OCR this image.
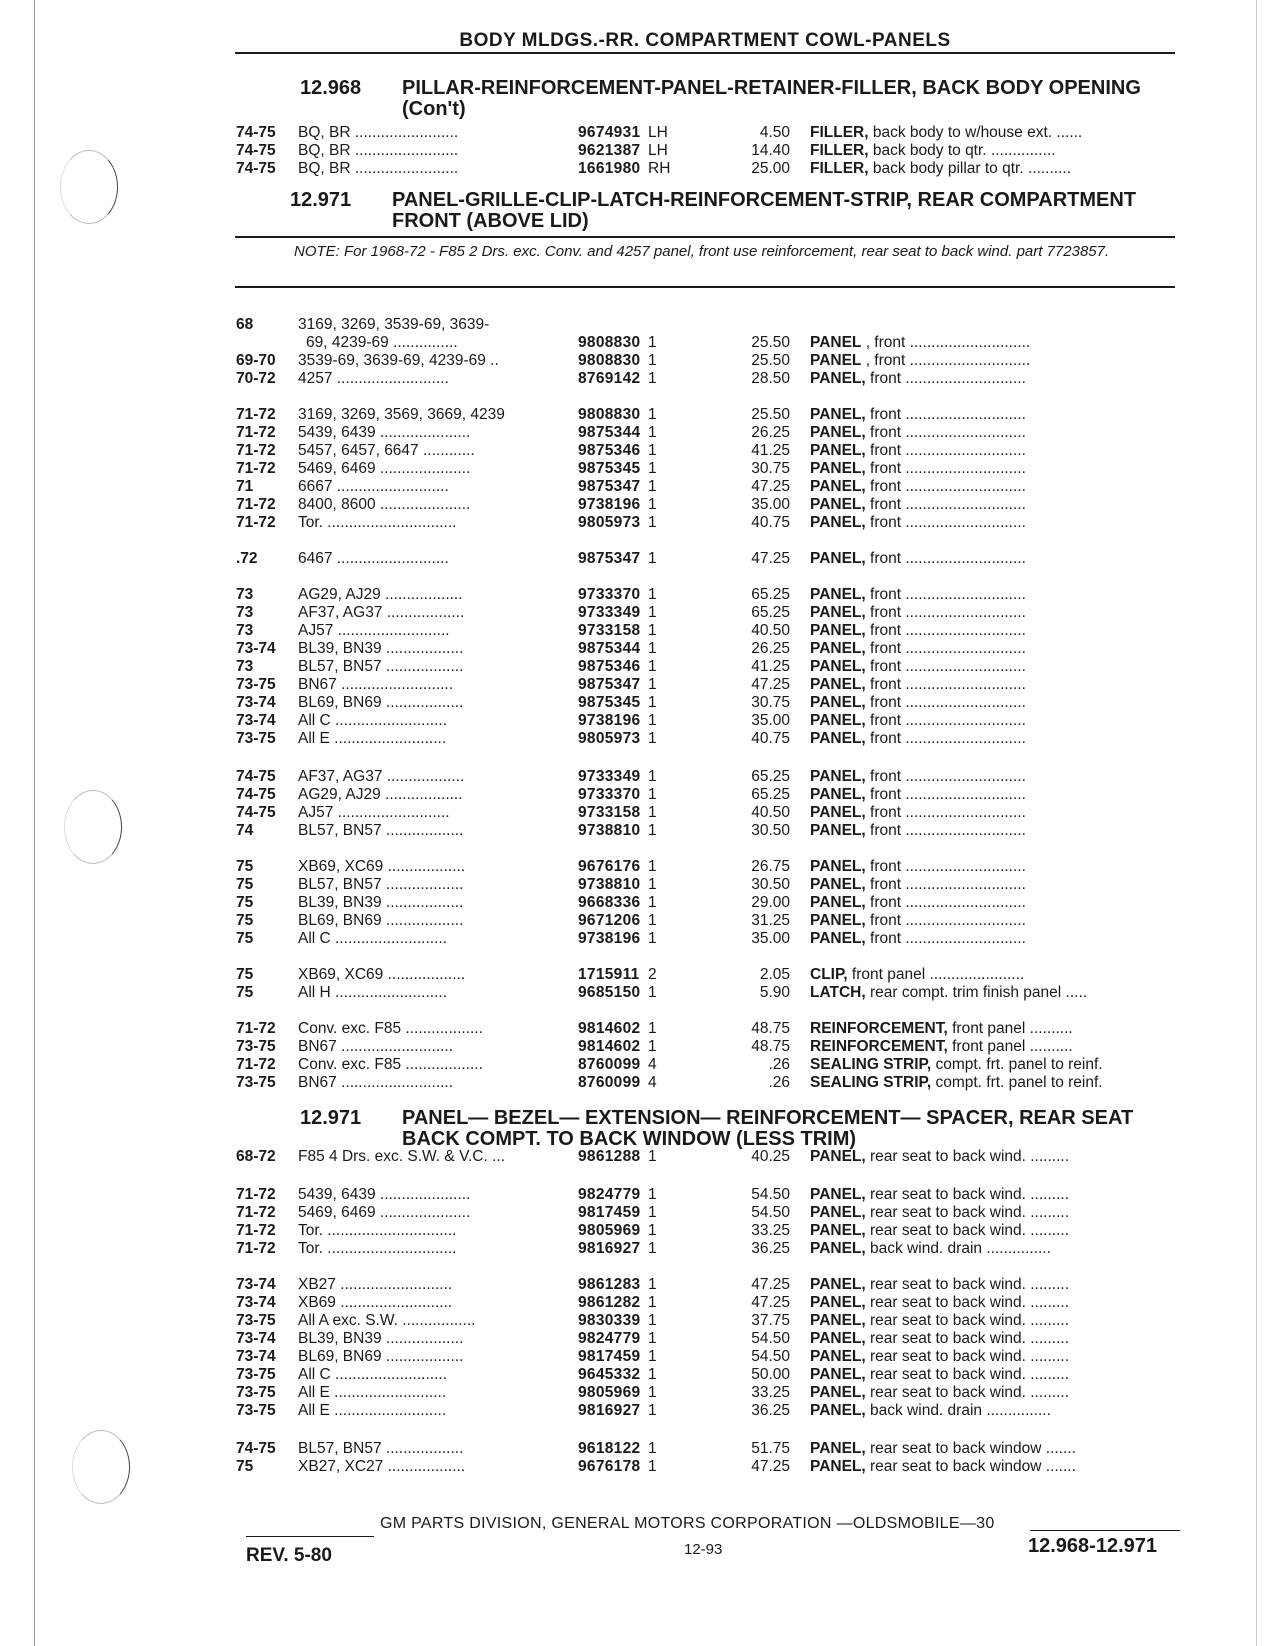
BODY MLDGS.-RR. COMPARTMENT COWL-PANELS
12.968 PILLAR-REINFORCEMENT-PANEL-RETAINER-FILLER, BACK BODY OPENING (Con't)
12.971 PANEL-GRILLE-CLIP-LATCH-REINFORCEMENT-STRIP, REAR COMPARTMENT FRONT (ABOVE LID)
NOTE: For 1968-72 - F85 2 Drs. exc. Conv. and 4257 panel, front use reinforcement, rear seat to back wind. part 7723857.
12.971 PANEL— BEZEL— EXTENSION— REINFORCEMENT— SPACER, REAR SEAT BACK COMPT. TO BACK WINDOW (LESS TRIM)
74-75 BQ, BR ........................	9674931 LH	4.50 FILLER, back body to w/house ext. ......
74-75 BQ, BR ........................	9621387 LH	14.40 FILLER, back body to qtr. ...............
74-75 BQ, BR ........................	1661980 RH	25.00 FILLER, back body pillar to qtr. ..........
68	3169, 3269, 3539-69, 3639-
69, 4239-69 ...............	9808830 1	25.50 PANEL , front ............................
69-70 3539-69, 3639-69, 4239-69 ..	9808830 1	25.50 PANEL , front ............................
70-72 4257 ..........................	8769142 1	28.50 PANEL, front ............................
71-72 3169, 3269, 3569, 3669, 4239	9808830 1	25.50 PANEL, front ............................
71-72 5439, 6439 .....................	9875344 1	26.25 PANEL, front ............................
71-72 5457, 6457, 6647 ............	9875346 1	41.25 PANEL, front ............................
71-72 5469, 6469 .....................	9875345 1	30.75 PANEL, front ............................
71	6667 ..........................	9875347 1	47.25 PANEL, front ............................
71-72 8400, 8600 .....................	9738196 1	35.00 PANEL, front ............................
71-72 Tor. ..............................	9805973 1	40.75 PANEL, front ............................
.72	6467 ..........................	9875347 1	47.25 PANEL, front ............................
73	AG29, AJ29 ..................	9733370 1	65.25 PANEL, front ............................
73	AF37, AG37 ..................	9733349 1	65.25 PANEL, front ............................
73	AJ57 ..........................	9733158 1	40.50 PANEL, front ............................
73-74 BL39, BN39 ..................	9875344 1	26.25 PANEL, front ............................
73	BL57, BN57 ..................	9875346 1	41.25 PANEL, front ............................
73-75 BN67 ..........................	9875347 1	47.25 PANEL, front ............................
73-74 BL69, BN69 ..................	9875345 1	30.75 PANEL, front ............................
73-74 All C ..........................	9738196 1	35.00 PANEL, front ............................
73-75 All E ..........................	9805973 1	40.75 PANEL, front ............................
74-75 AF37, AG37 ..................	9733349 1	65.25 PANEL, front ............................
74-75 AG29, AJ29 ..................	9733370 1	65.25 PANEL, front ............................
74-75 AJ57 ..........................	9733158 1	40.50 PANEL, front ............................
74	BL57, BN57 ..................	9738810 1	30.50 PANEL, front ............................
75	XB69, XC69 ..................	9676176 1	26.75 PANEL, front ............................
75	BL57, BN57 ..................	9738810 1	30.50 PANEL, front ............................
75	BL39, BN39 ..................	9668336 1	29.00 PANEL, front ............................
75	BL69, BN69 ..................	9671206 1	31.25 PANEL, front ............................
75	All C ..........................	9738196 1	35.00 PANEL, front ............................
75	XB69, XC69 ..................	1715911 2	2.05 CLIP, front panel ......................
75	All H ..........................	9685150 1	5.90 LATCH, rear compt. trim finish panel .....
71-72 Conv. exc. F85 ..................	9814602 1	48.75 REINFORCEMENT, front panel ..........
73-75 BN67 ..........................	9814602 1	48.75 REINFORCEMENT, front panel ..........
71-72 Conv. exc. F85 ..................	8760099 4	.26 SEALING STRIP, compt. frt. panel to reinf.
73-75 BN67 ..........................	8760099 4	.26 SEALING STRIP, compt. frt. panel to reinf.
68-72 F85 4 Drs. exc. S.W. & V.C. ...	9861288 1	40.25 PANEL, rear seat to back wind. .........
71-72 5439, 6439 .....................	9824779 1	54.50 PANEL, rear seat to back wind. .........
71-72 5469, 6469 .....................	9817459 1	54.50 PANEL, rear seat to back wind. .........
71-72 Tor. ..............................	9805969 1	33.25 PANEL, rear seat to back wind. .........
71-72 Tor. ..............................	9816927 1	36.25 PANEL, back wind. drain ...............
73-74 XB27 ..........................	9861283 1	47.25 PANEL, rear seat to back wind. .........
73-74 XB69 ..........................	9861282 1	47.25 PANEL, rear seat to back wind. .........
73-75 All A exc. S.W. .................	9830339 1	37.75 PANEL, rear seat to back wind. .........
73-74 BL39, BN39 ..................	9824779 1	54.50 PANEL, rear seat to back wind. .........
73-74 BL69, BN69 ..................	9817459 1	54.50 PANEL, rear seat to back wind. .........
73-75 All C ..........................	9645332 1	50.00 PANEL, rear seat to back wind. .........
73-75 All E ..........................	9805969 1	33.25 PANEL, rear seat to back wind. .........
73-75 All E ..........................	9816927 1	36.25 PANEL, back wind. drain ...............
74-75 BL57, BN57 ..................	9618122 1	51.75 PANEL, rear seat to back window .......
75	XB27, XC27 ..................	9676178 1	47.25 PANEL, rear seat to back window .......
GM PARTS DIVISION, GENERAL MOTORS CORPORATION —OLDSMOBILE—30
REV. 5-80	12-93	12.968-12.971
